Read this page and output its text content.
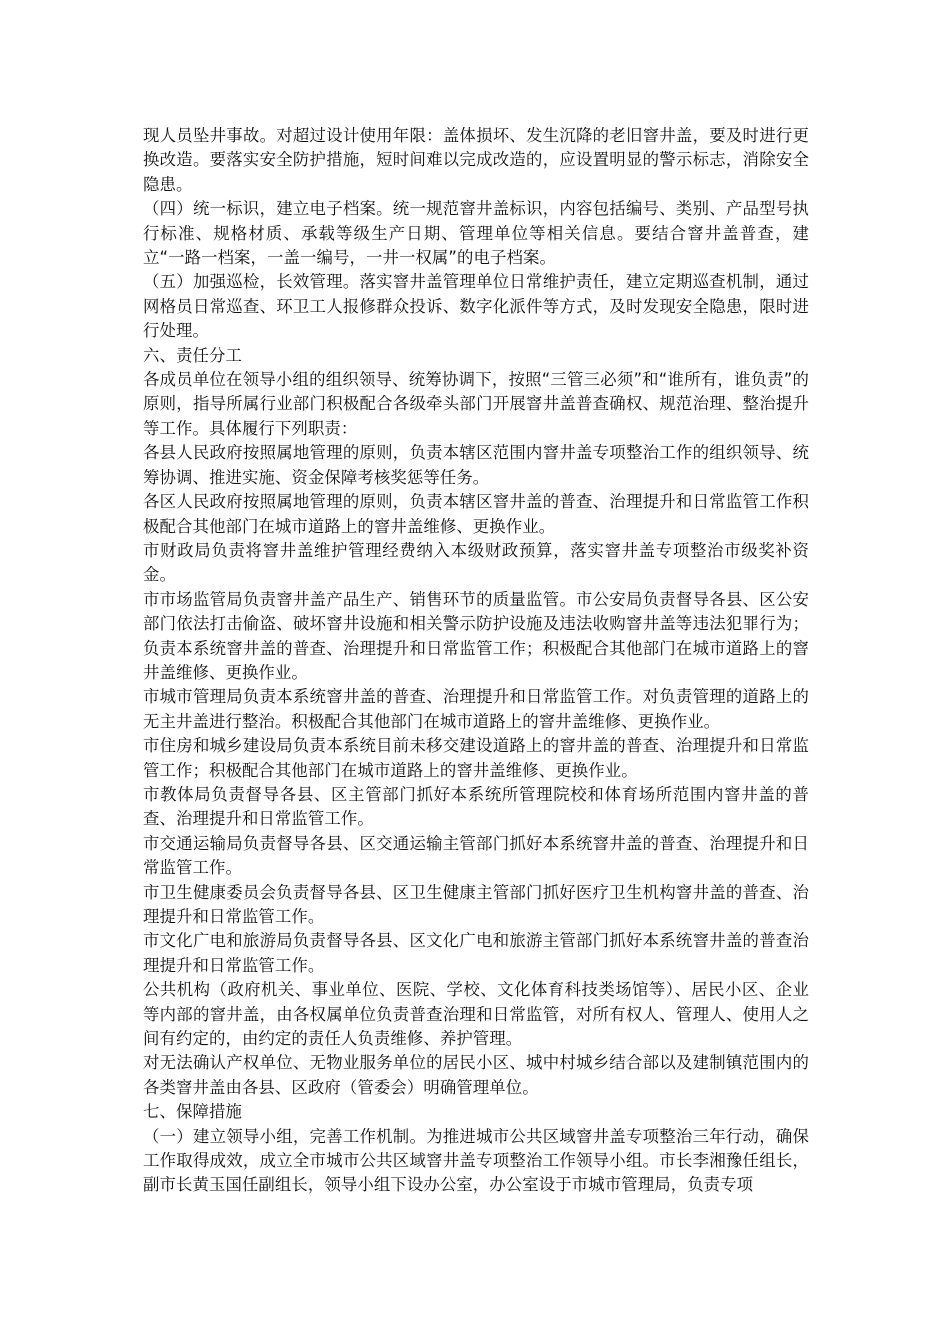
现人员坠井事故。对超过设计使用年限：盖体损坏、发生沉降的老旧窨井盖，要及时进行更换改造。要落实安全防护措施，短时间难以完成改造的，应设置明显的警示标志，消除安全隐患。

（四）统一标识，建立电子档案。统一规范窨井盖标识，内容包括编号、类别、产品型号执行标准、规格材质、承载等级生产日期、管理单位等相关信息。要结合窨井盖普查，建立“一路一档案，一盖一编号，一井一权属”的电子档案。

（五）加强巡检，长效管理。落实窨井盖管理单位日常维护责任，建立定期巡查机制，通过网格员日常巡查、环卫工人报修群众投诉、数字化派件等方式，及时发现安全隐患，限时进行处理。

六、责任分工

各成员单位在领导小组的组织领导、统筹协调下，按照“三管三必须”和“谁所有，谁负责”的原则，指导所属行业部门积极配合各级牵头部门开展窨井盖普查确权、规范治理、整治提升等工作。具体履行下列职责：

各县人民政府按照属地管理的原则，负责本辖区范围内窨井盖专项整治工作的组织领导、统筹协调、推进实施、资金保障考核奖惩等任务。

各区人民政府按照属地管理的原则，负责本辖区窨井盖的普查、治理提升和日常监管工作积极配合其他部门在城市道路上的窨井盖维修、更换作业。

市财政局负责将窨井盖维护管理经费纳入本级财政预算，落实窨井盖专项整治市级奖补资金。

市市场监管局负责窨井盖产品生产、销售环节的质量监管。市公安局负责督导各县、区公安部门依法打击偷盗、破坏窨井设施和相关警示防护设施及违法收购窨井盖等违法犯罪行为；负责本系统窨井盖的普查、治理提升和日常监管工作；积极配合其他部门在城市道路上的窨井盖维修、更换作业。

市城市管理局负责本系统窨井盖的普查、治理提升和日常监管工作。对负责管理的道路上的无主井盖进行整治。积极配合其他部门在城市道路上的窨井盖维修、更换作业。

市住房和城乡建设局负责本系统目前未移交建设道路上的窨井盖的普查、治理提升和日常监管工作；积极配合其他部门在城市道路上的窨井盖维修、更换作业。

市教体局负责督导各县、区主管部门抓好本系统所管理院校和体育场所范围内窨井盖的普查、治理提升和日常监管工作。

市交通运输局负责督导各县、区交通运输主管部门抓好本系统窨井盖的普查、治理提升和日常监管工作。

市卫生健康委员会负责督导各县、区卫生健康主管部门抓好医疗卫生机构窨井盖的普查、治理提升和日常监管工作。

市文化广电和旅游局负责督导各县、区文化广电和旅游主管部门抓好本系统窨井盖的普查治理提升和日常监管工作。

公共机构（政府机关、事业单位、医院、学校、文化体育科技类场馆等）、居民小区、企业等内部的窨井盖，由各权属单位负责普查治理和日常监管，对所有权人、管理人、使用人之间有约定的，由约定的责任人负责维修、养护管理。

对无法确认产权单位、无物业服务单位的居民小区、城中村城乡结合部以及建制镇范围内的各类窨井盖由各县、区政府（管委会）明确管理单位。

七、保障措施

（一）建立领导小组，完善工作机制。为推进城市公共区域窨井盖专项整治三年行动，确保工作取得成效，成立全市城市公共区域窨井盖专项整治工作领导小组。市长李湘豫任组长，副市长黄玉国任副组长，领导小组下设办公室，办公室设于市城市管理局，负责专项
